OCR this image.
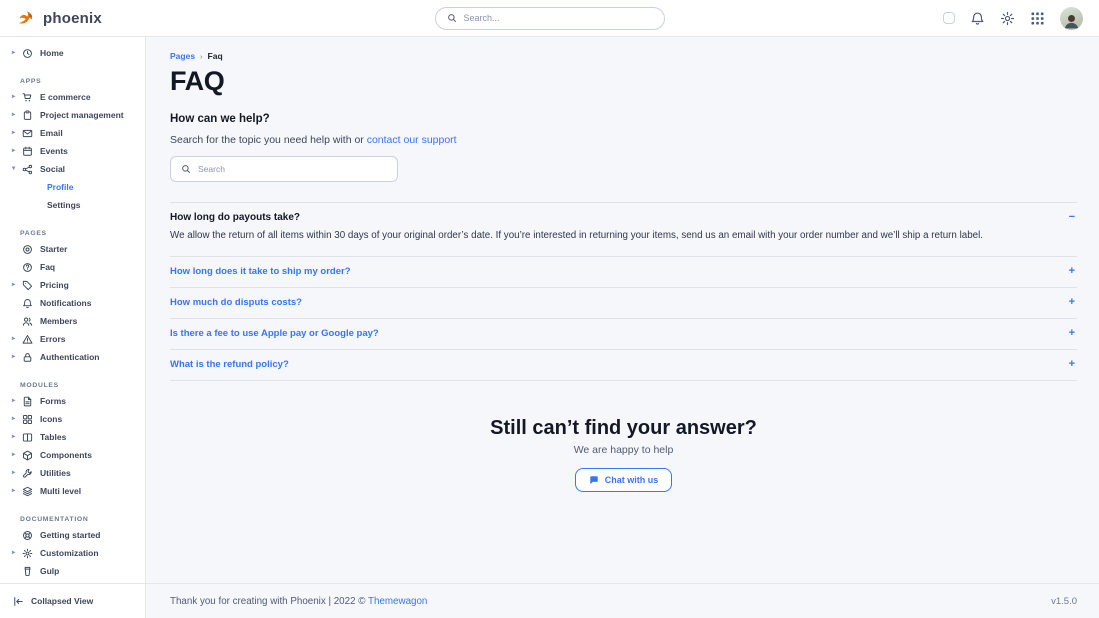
phoenix
Search...
▸	Home
APPS
▸	E commerce
▸	Project management
▸	Email
▸	Events
▾	Social
Profile
Settings
PAGES
Starter
Faq
▸	Pricing
Notifications
Members
▸	Errors
▸	Authentication
MODULES
▸	Forms
▸	Icons
▸	Tables
▸	Components
▸	Utilities
▸	Multi level
DOCUMENTATION
Getting started
▸	Customization
Gulp
Collapsed View
Pages › Faq
FAQ
How can we help?

Search for the topic you need help with or contact our support

Search
How long do payouts take?	−
We allow the return of all items within 30 days of your original order’s date. If you’re interested in returning your items, send us an email with your order number and we’ll ship a return label.
How long does it take to ship my order?	+
How much do disputs costs?	+
Is there a fee to use Apple pay or Google pay?	+
What is the refund policy?	+
Still can’t find your answer?
We are happy to help
Chat with us
Thank you for creating with Phoenix | 2022 © Themewagon	v1.5.0
